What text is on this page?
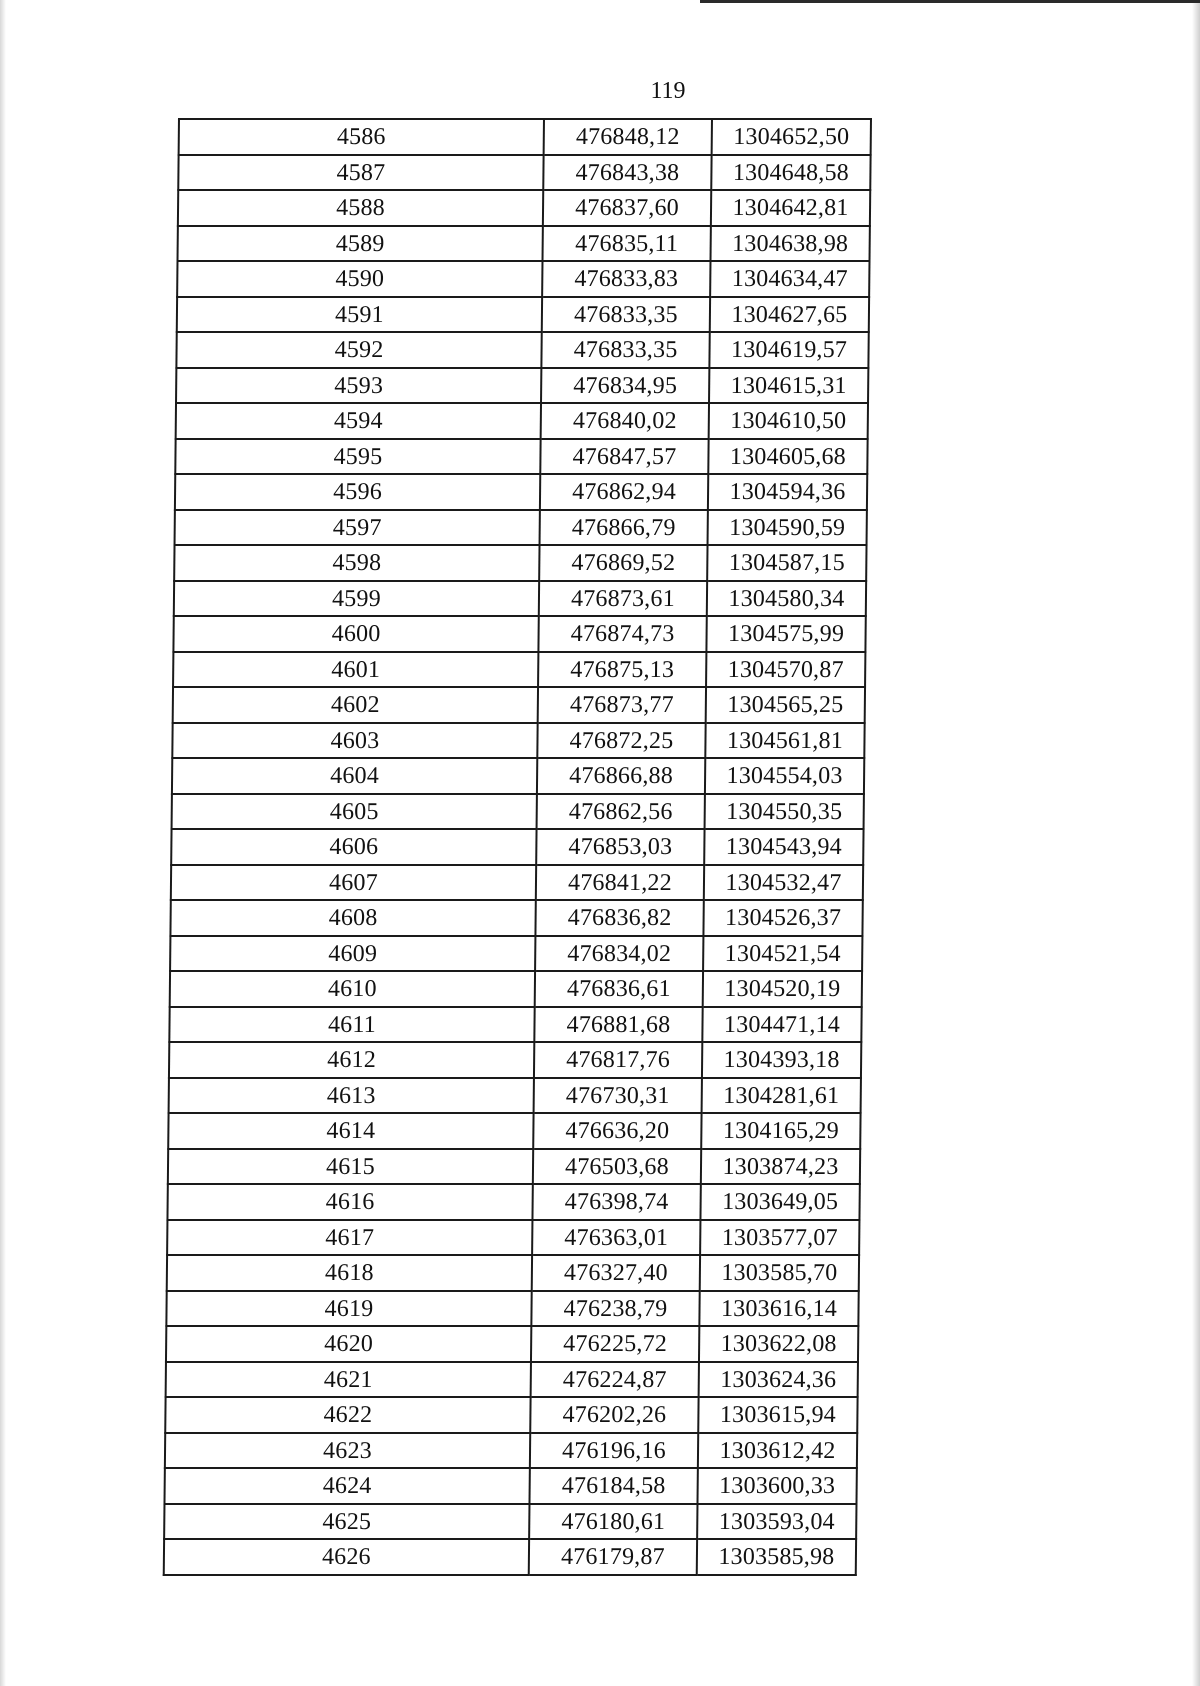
119
4586	476848,12	1304652,50
4587	476843,38	1304648,58
4588	476837,60	1304642,81
4589	476835,11	1304638,98
4590	476833,83	1304634,47
4591	476833,35	1304627,65
4592	476833,35	1304619,57
4593	476834,95	1304615,31
4594	476840,02	1304610,50
4595	476847,57	1304605,68
4596	476862,94	1304594,36
4597	476866,79	1304590,59
4598	476869,52	1304587,15
4599	476873,61	1304580,34
4600	476874,73	1304575,99
4601	476875,13	1304570,87
4602	476873,77	1304565,25
4603	476872,25	1304561,81
4604	476866,88	1304554,03
4605	476862,56	1304550,35
4606	476853,03	1304543,94
4607	476841,22	1304532,47
4608	476836,82	1304526,37
4609	476834,02	1304521,54
4610	476836,61	1304520,19
4611	476881,68	1304471,14
4612	476817,76	1304393,18
4613	476730,31	1304281,61
4614	476636,20	1304165,29
4615	476503,68	1303874,23
4616	476398,74	1303649,05
4617	476363,01	1303577,07
4618	476327,40	1303585,70
4619	476238,79	1303616,14
4620	476225,72	1303622,08
4621	476224,87	1303624,36
4622	476202,26	1303615,94
4623	476196,16	1303612,42
4624	476184,58	1303600,33
4625	476180,61	1303593,04
4626	476179,87	1303585,98
